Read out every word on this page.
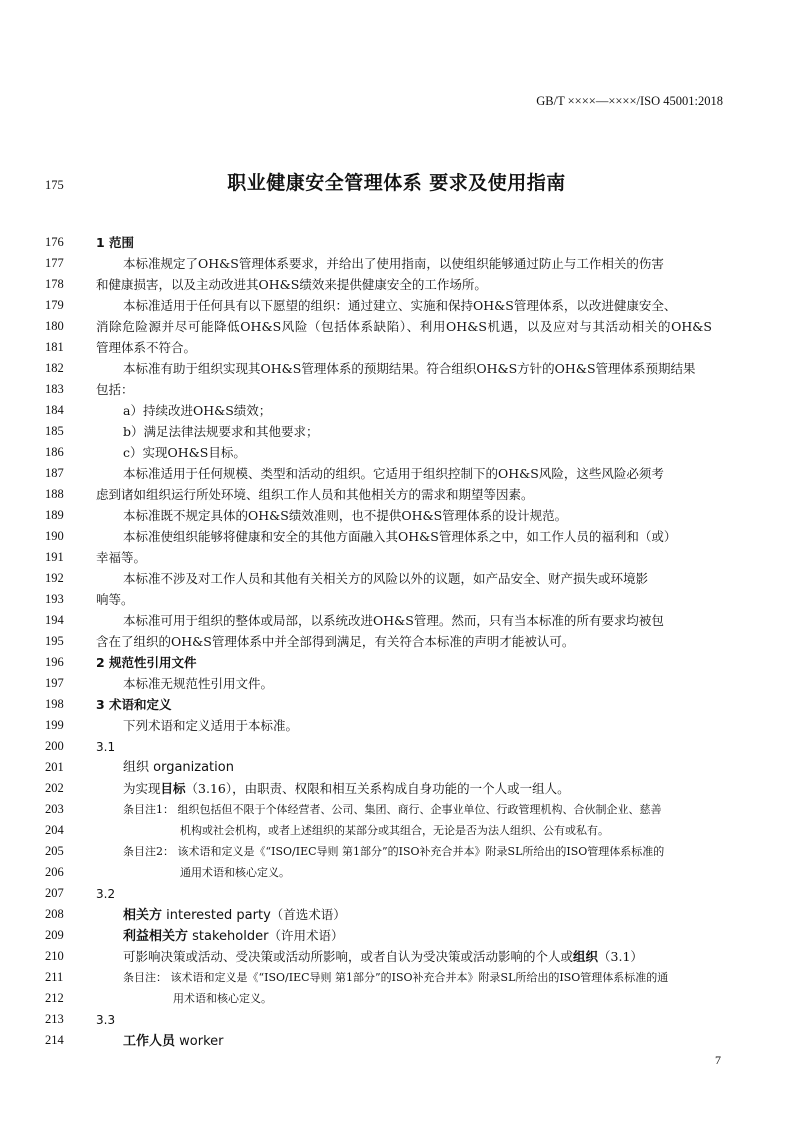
GB/T ××××—××××/ISO 45001:2018
175	职业健康安全管理体系 要求及使用指南
176
177
178
179
180
181
182
183
184
185
186
187
188
189
190
191
192
193
194
195
196
197
198
199
200
201
202
203
204
205
206
207
208
209
210
211
212
213
214
1 范围
本标准规定了OH&S管理体系要求，并给出了使用指南，以使组织能够通过防止与工作相关的伤害
和健康损害，以及主动改进其OH&S绩效来提供健康安全的工作场所。
本标准适用于任何具有以下愿望的组织：通过建立、实施和保持OH&S管理体系，以改进健康安全、
消除危险源并尽可能降低OH&S风险（包括体系缺陷）、利用OH&S机遇，以及应对与其活动相关的OH&S
管理体系不符合。
本标准有助于组织实现其OH&S管理体系的预期结果。符合组织OH&S方针的OH&S管理体系预期结果
包括：
a）持续改进OH&S绩效；
b）满足法律法规要求和其他要求；
c）实现OH&S目标。
本标准适用于任何规模、类型和活动的组织。它适用于组织控制下的OH&S风险，这些风险必须考
虑到诸如组织运行所处环境、组织工作人员和其他相关方的需求和期望等因素。
本标准既不规定具体的OH&S绩效准则，也不提供OH&S管理体系的设计规范。
本标准使组织能够将健康和安全的其他方面融入其OH&S管理体系之中，如工作人员的福利和（或）
幸福等。
本标准不涉及对工作人员和其他有关相关方的风险以外的议题，如产品安全、财产损失或环境影
响等。
本标准可用于组织的整体或局部，以系统改进OH&S管理。然而，只有当本标准的所有要求均被包
含在了组织的OH&S管理体系中并全部得到满足，有关符合本标准的声明才能被认可。
2 规范性引用文件
本标准无规范性引用文件。
3 术语和定义
下列术语和定义适用于本标准。
3.1
组织 organization
为实现目标（3.16），由职责、权限和相互关系构成自身功能的一个人或一组人。
条目注1： 组织包括但不限于个体经营者、公司、集团、商行、企事业单位、行政管理机构、合伙制企业、慈善
机构或社会机构，或者上述组织的某部分或其组合，无论是否为法人组织、公有或私有。
条目注2： 该术语和定义是《“ISO/IEC导则 第1部分”的ISO补充合并本》附录SL所给出的ISO管理体系标准的
通用术语和核心定义。
3.2
相关方 interested party（首选术语）
利益相关方 stakeholder（许用术语）
可影响决策或活动、受决策或活动所影响，或者自认为受决策或活动影响的个人或组织（3.1）
条目注： 该术语和定义是《“ISO/IEC导则 第1部分”的ISO补充合并本》附录SL所给出的ISO管理体系标准的通
用术语和核心定义。
3.3
工作人员 worker
7
